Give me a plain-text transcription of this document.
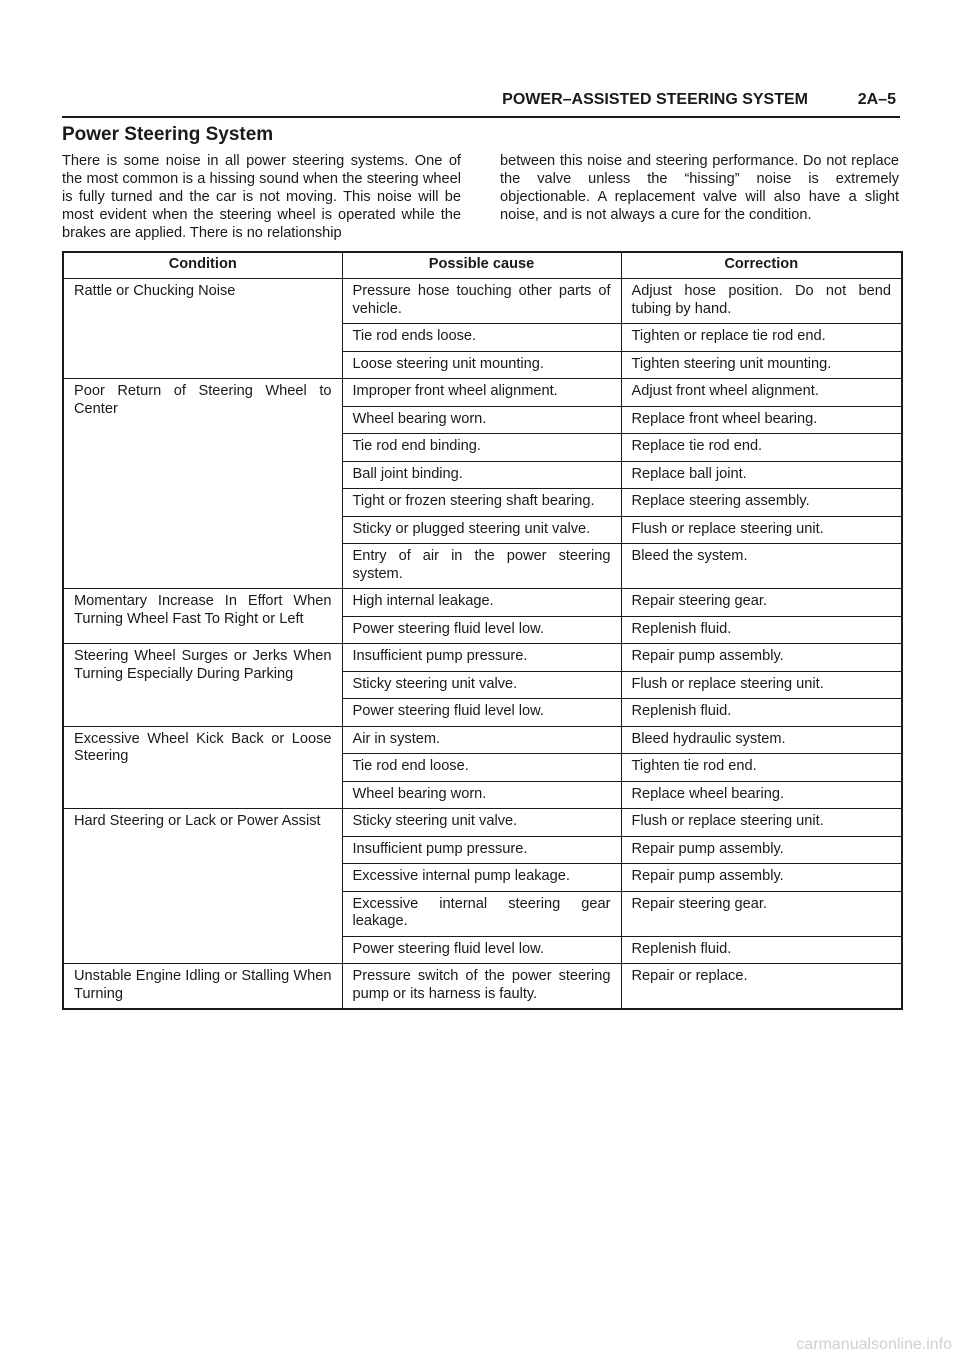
POWER–ASSISTED STEERING SYSTEM	2A–5
Power Steering System

There is some noise in all power steering systems. One of the most common is a hissing sound when the steering wheel is fully turned and the car is not moving. This noise will be most evident when the steering wheel is operated while the brakes are applied. There is no relationship

between this noise and steering performance. Do not replace the valve unless the “hissing” noise is extremely objectionable. A replacement valve will also have a slight noise, and is not always a cure for the condition.

Condition	Possible cause	Correction
Rattle or Chucking Noise	Pressure hose touching other parts of vehicle.	Adjust hose position. Do not bend tubing by hand.
	Tie rod ends loose.	Tighten or replace tie rod end.
	Loose steering unit mounting.	Tighten steering unit mounting.
Poor Return of Steering Wheel to Center	Improper front wheel alignment.	Adjust front wheel alignment.
	Wheel bearing worn.	Replace front wheel bearing.
	Tie rod end binding.	Replace tie rod end.
	Ball joint binding.	Replace ball joint.
	Tight or frozen steering shaft bearing.	Replace steering assembly.
	Sticky or plugged steering unit valve.	Flush or replace steering unit.
	Entry of air in the power steering system.	Bleed the system.
Momentary Increase In Effort When Turning Wheel Fast To Right or Left	High internal leakage.	Repair steering gear.
	Power steering fluid level low.	Replenish fluid.
Steering Wheel Surges or Jerks When Turning Especially During Parking	Insufficient pump pressure.	Repair pump assembly.
	Sticky steering unit valve.	Flush or replace steering unit.
	Power steering fluid level low.	Replenish fluid.
Excessive Wheel Kick Back or Loose Steering	Air in system.	Bleed hydraulic system.
	Tie rod end loose.	Tighten tie rod end.
	Wheel bearing worn.	Replace wheel bearing.
Hard Steering or Lack or Power Assist	Sticky steering unit valve.	Flush or replace steering unit.
	Insufficient pump pressure.	Repair pump assembly.
	Excessive internal pump leakage.	Repair pump assembly.
	Excessive internal steering gear leakage.	Repair steering gear.
	Power steering fluid level low.	Replenish fluid.
Unstable Engine Idling or Stalling When Turning	Pressure switch of the power steering pump or its harness is faulty.	Repair or replace.
carmanualsonline.info
